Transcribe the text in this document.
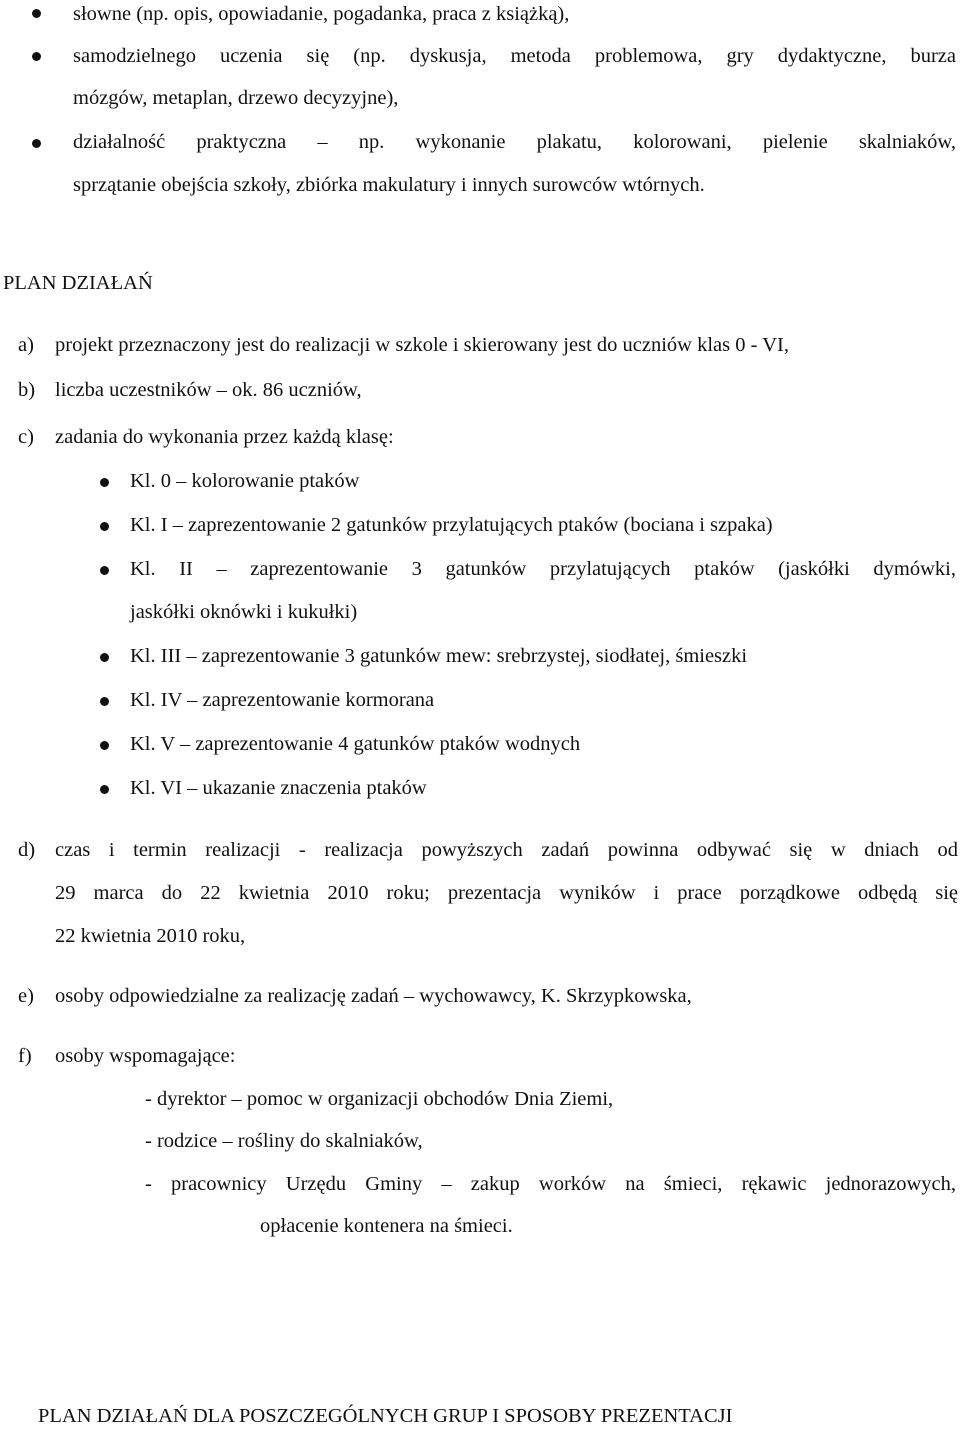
słowne (np. opis, opowiadanie, pogadanka, praca z książką),
samodzielnego uczenia się (np. dyskusja, metoda problemowa, gry dydaktyczne, burza
mózgów, metaplan, drzewo decyzyjne),
działalność praktyczna – np. wykonanie plakatu, kolorowani, pielenie skalniaków,
sprzątanie obejścia szkoły, zbiórka makulatury i innych surowców wtórnych.
PLAN DZIAŁAŃ
a) projekt przeznaczony jest do realizacji w szkole i skierowany jest do uczniów klas 0 - VI,
b) liczba uczestników – ok. 86 uczniów,
c) zadania do wykonania przez każdą klasę:
Kl. 0 – kolorowanie ptaków
Kl. I – zaprezentowanie 2 gatunków przylatujących ptaków (bociana i szpaka)
Kl. II – zaprezentowanie 3 gatunków przylatujących ptaków (jaskółki dymówki,
jaskółki oknówki i kukułki)
Kl. III – zaprezentowanie 3 gatunków mew: srebrzystej, siodłatej, śmieszki
Kl. IV – zaprezentowanie kormorana
Kl. V – zaprezentowanie 4 gatunków ptaków wodnych
Kl. VI – ukazanie znaczenia ptaków
d) czas i termin realizacji - realizacja powyższych zadań powinna odbywać się w dniach od
29 marca do 22 kwietnia 2010 roku; prezentacja wyników i prace porządkowe odbędą się
22 kwietnia 2010 roku,
e) osoby odpowiedzialne za realizację zadań – wychowawcy, K. Skrzypkowska,
f) osoby wspomagające:
- dyrektor – pomoc w organizacji obchodów Dnia Ziemi,
- rodzice – rośliny do skalniaków,
- pracownicy Urzędu Gminy – zakup worków na śmieci, rękawic jednorazowych,
opłacenie kontenera na śmieci.
PLAN DZIAŁAŃ DLA POSZCZEGÓLNYCH GRUP I SPOSOBY PREZENTACJI
